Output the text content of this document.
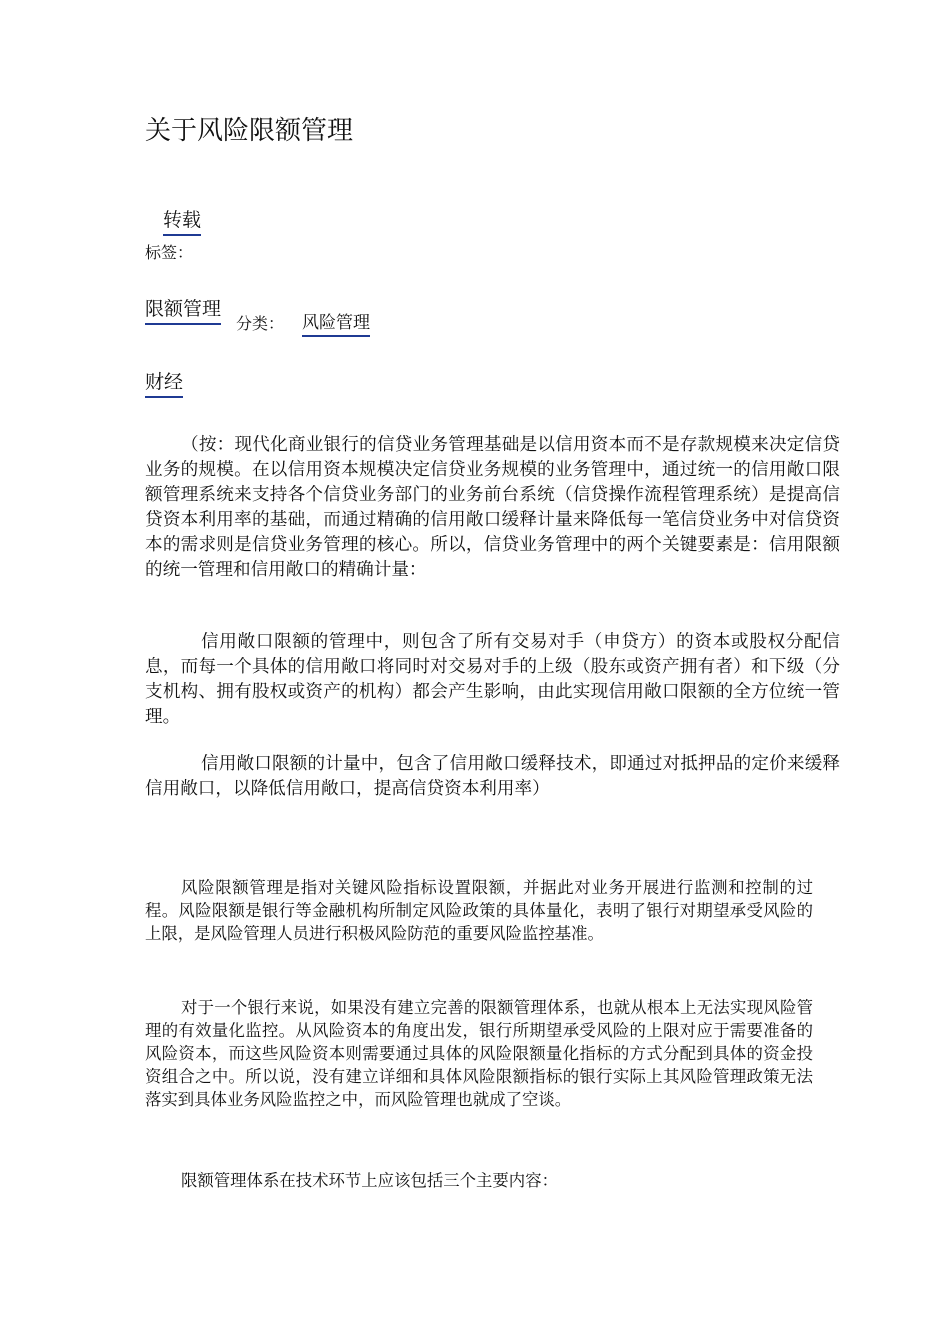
关于风险限额管理
转载
标签：
限额管理
分类： 风险管理
财经

（按：现代化商业银行的信贷业务管理基础是以信用资本而不是存款规模来决定信贷业务的规模。在以信用资本规模决定信贷业务规模的业务管理中，通过统一的信用敞口限额管理系统来支持各个信贷业务部门的业务前台系统（信贷操作流程管理系统）是提高信贷资本利用率的基础，而通过精确的信用敞口缓释计量来降低每一笔信贷业务中对信贷资本的需求则是信贷业务管理的核心。所以，信贷业务管理中的两个关键要素是：信用限额的统一管理和信用敞口的精确计量：

信用敞口限额的管理中，则包含了所有交易对手（申贷方）的资本或股权分配信息，而每一个具体的信用敞口将同时对交易对手的上级（股东或资产拥有者）和下级（分支机构、拥有股权或资产的机构）都会产生影响，由此实现信用敞口限额的全方位统一管理。

信用敞口限额的计量中，包含了信用敞口缓释技术，即通过对抵押品的定价来缓释信用敞口，以降低信用敞口，提高信贷资本利用率）

风险限额管理是指对关键风险指标设置限额，并据此对业务开展进行监测和控制的过程。风险限额是银行等金融机构所制定风险政策的具体量化，表明了银行对期望承受风险的上限，是风险管理人员进行积极风险防范的重要风险监控基准。

对于一个银行来说，如果没有建立完善的限额管理体系，也就从根本上无法实现风险管理的有效量化监控。从风险资本的角度出发，银行所期望承受风险的上限对应于需要准备的风险资本，而这些风险资本则需要通过具体的风险限额量化指标的方式分配到具体的资金投资组合之中。所以说，没有建立详细和具体风险限额指标的银行实际上其风险管理政策无法落实到具体业务风险监控之中，而风险管理也就成了空谈。

限额管理体系在技术环节上应该包括三个主要内容：
